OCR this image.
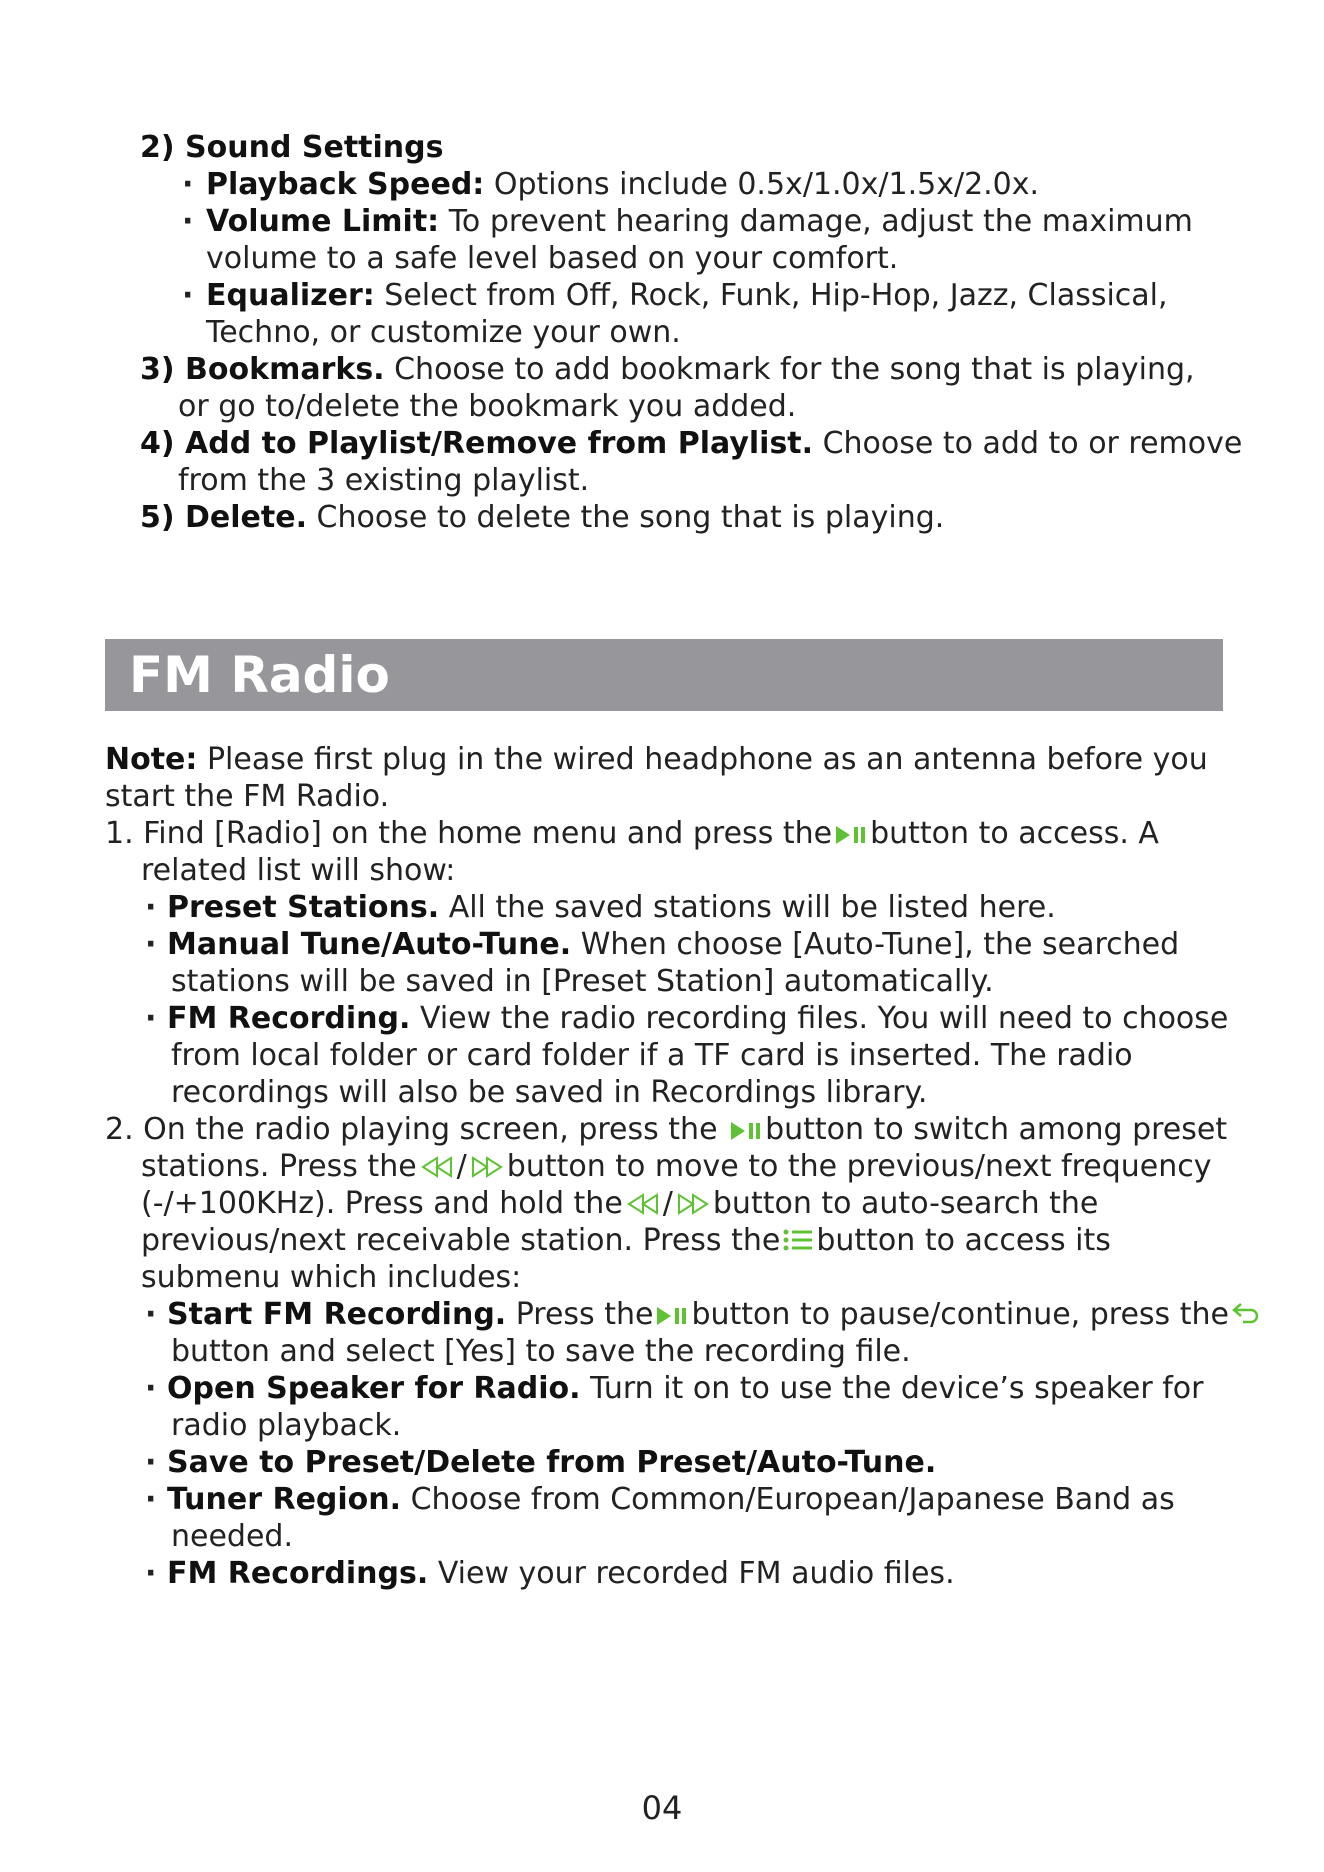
2) Sound Settings
· Playback Speed: Options include 0.5x/1.0x/1.5x/2.0x.
· Volume Limit: To prevent hearing damage, adjust the maximum
volume to a safe level based on your comfort.
· Equalizer: Select from Off, Rock, Funk, Hip-Hop, Jazz, Classical,
Techno, or customize your own.
3) Bookmarks. Choose to add bookmark for the song that is playing,
or go to/delete the bookmark you added.
4) Add to Playlist/Remove from Playlist. Choose to add to or remove
from the 3 existing playlist.
5) Delete. Choose to delete the song that is playing.
FM Radio
Note: Please first plug in the wired headphone as an antenna before you
start the FM Radio.
1. Find [Radio] on the home menu and press the button to access. A
related list will show:
· Preset Stations. All the saved stations will be listed here.
· Manual Tune/Auto-Tune. When choose [Auto-Tune], the searched
stations will be saved in [Preset Station] automatically.
· FM Recording. View the radio recording files. You will need to choose
from local folder or card folder if a TF card is inserted. The radio
recordings will also be saved in Recordings library.
2. On the radio playing screen, press the button to switch among preset
stations. Press the / button to move to the previous/next frequency
(-/+100KHz). Press and hold the / button to auto-search the
previous/next receivable station. Press the button to access its
submenu which includes:
· Start FM Recording. Press the button to pause/continue, press the
button and select [Yes] to save the recording file.
· Open Speaker for Radio. Turn it on to use the device’s speaker for
radio playback.
· Save to Preset/Delete from Preset/Auto-Tune.
· Tuner Region. Choose from Common/European/Japanese Band as
needed.
· FM Recordings. View your recorded FM audio files.
04
